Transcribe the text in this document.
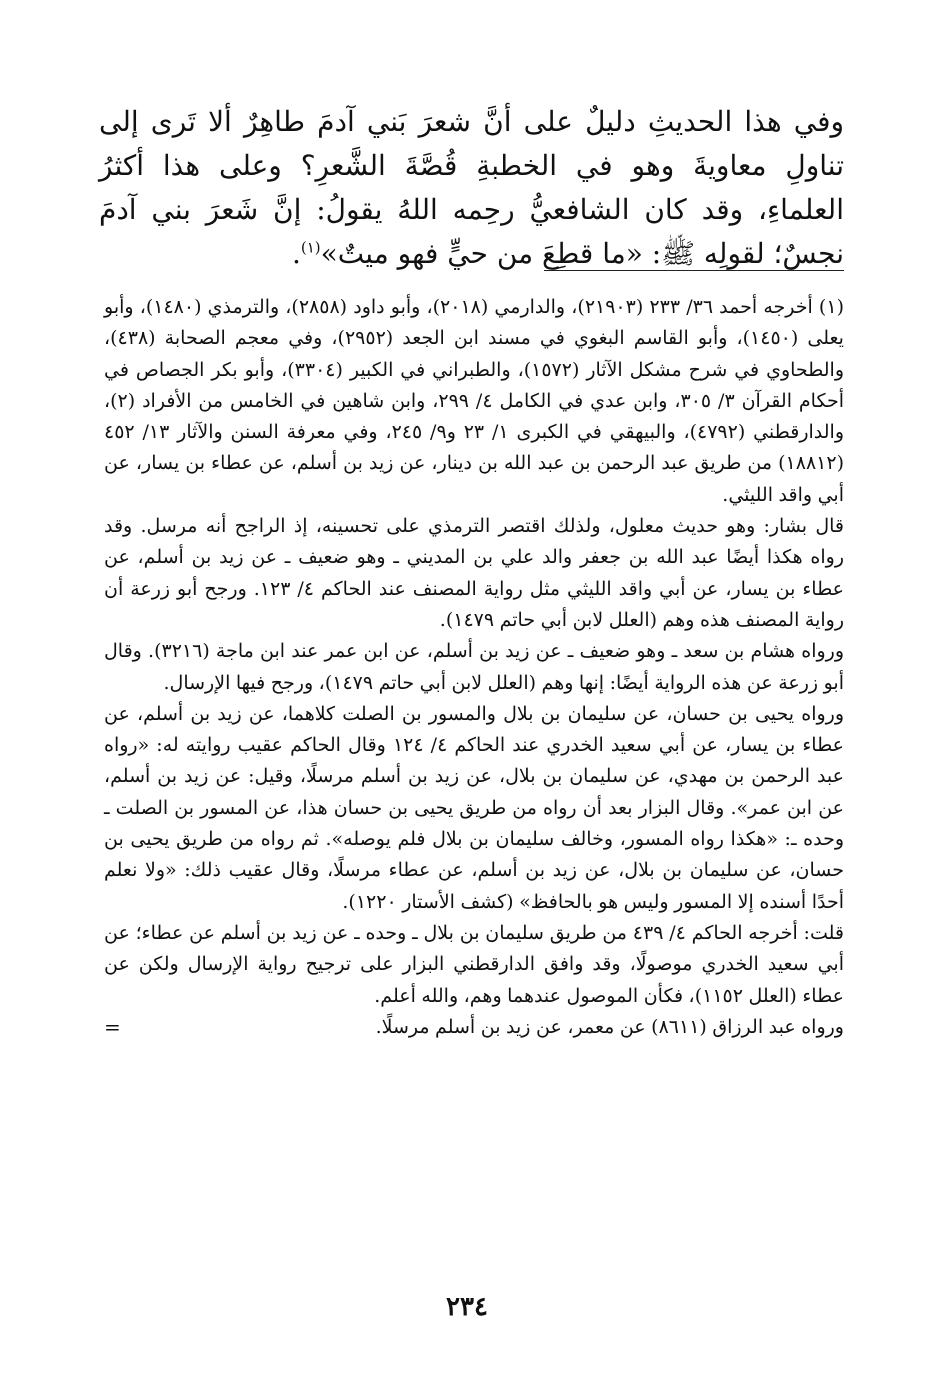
وفي هذا الحديثِ دليلٌ على أنَّ شعرَ بَني آدمَ طاهِرٌ ألا تَرى إلى تناولِ معاويةَ وهو في الخطبةِ قُصَّةَ الشَّعرِ؟ وعلى هذا أكثرُ العلماءِ، وقد كان الشافعيُّ رحِمه اللهُ يقولُ: إنَّ شَعرَ بني آدمَ نجسٌ؛ لقولِه ﷺ: «ما قطِعَ من حيٍّ فهو ميتٌ»$^{(١)}$.

(١) أخرجه أحمد ٣٦/ ٢٣٣ (٢١٩٠٣)، والدارمي (٢٠١٨)، وأبو داود (٢٨٥٨)، والترمذي (١٤٨٠)، وأبو يعلى (١٤٥٠)، وأبو القاسم البغوي في مسند ابن الجعد (٢٩٥٢)، وفي معجم الصحابة (٤٣٨)، والطحاوي في شرح مشكل الآثار (١٥٧٢)، والطبراني في الكبير (٣٣٠٤)، وأبو بكر الجصاص في أحكام القرآن ٣/ ٣٠٥، وابن عدي في الكامل ٤/ ٢٩٩، وابن شاهين في الخامس من الأفراد (٢)، والدارقطني (٤٧٩٢)، والبيهقي في الكبرى ١/ ٢٣ و٩/ ٢٤٥، وفي معرفة السنن والآثار ١٣/ ٤٥٢ (١٨٨١٢) من طريق عبد الرحمن بن عبد الله بن دينار، عن زيد بن أسلم، عن عطاء بن يسار، عن أبي واقد الليثي.

قال بشار: وهو حديث معلول، ولذلك اقتصر الترمذي على تحسينه، إذ الراجح أنه مرسل. وقد رواه هكذا أيضًا عبد الله بن جعفر والد علي بن المديني ـ وهو ضعيف ـ عن زيد بن أسلم، عن عطاء بن يسار، عن أبي واقد الليثي مثل رواية المصنف عند الحاكم ٤/ ١٢٣. ورجح أبو زرعة أن رواية المصنف هذه وهم (العلل لابن أبي حاتم ١٤٧٩).

ورواه هشام بن سعد ـ وهو ضعيف ـ عن زيد بن أسلم، عن ابن عمر عند ابن ماجة (٣٢١٦). وقال أبو زرعة عن هذه الرواية أيضًا: إنها وهم (العلل لابن أبي حاتم ١٤٧٩)، ورجح فيها الإرسال.

ورواه يحيى بن حسان، عن سليمان بن بلال والمسور بن الصلت كلاهما، عن زيد بن أسلم، عن عطاء بن يسار، عن أبي سعيد الخدري عند الحاكم ٤/ ١٢٤ وقال الحاكم عقيب روايته له: «رواه عبد الرحمن بن مهدي، عن سليمان بن بلال، عن زيد بن أسلم مرسلًا، وقيل: عن زيد بن أسلم، عن ابن عمر». وقال البزار بعد أن رواه من طريق يحيى بن حسان هذا، عن المسور بن الصلت ـ وحده ـ: «هكذا رواه المسور، وخالف سليمان بن بلال فلم يوصله». ثم رواه من طريق يحيى بن حسان، عن سليمان بن بلال، عن زيد بن أسلم، عن عطاء مرسلًا، وقال عقيب ذلك: «ولا نعلم أحدًا أسنده إلا المسور وليس هو بالحافظ» (كشف الأستار ١٢٢٠).

قلت: أخرجه الحاكم ٤/ ٤٣٩ من طريق سليمان بن بلال ـ وحده ـ عن زيد بن أسلم عن عطاء؛ عن أبي سعيد الخدري موصولًا، وقد وافق الدارقطني البزار على ترجيح رواية الإرسال ولكن عن عطاء (العلل ١١٥٢)، فكأن الموصول عندهما وهم، والله أعلم.

ورواه عبد الرزاق (٨٦١١) عن معمر، عن زيد بن أسلم مرسلًا.
=

٢٣٤
